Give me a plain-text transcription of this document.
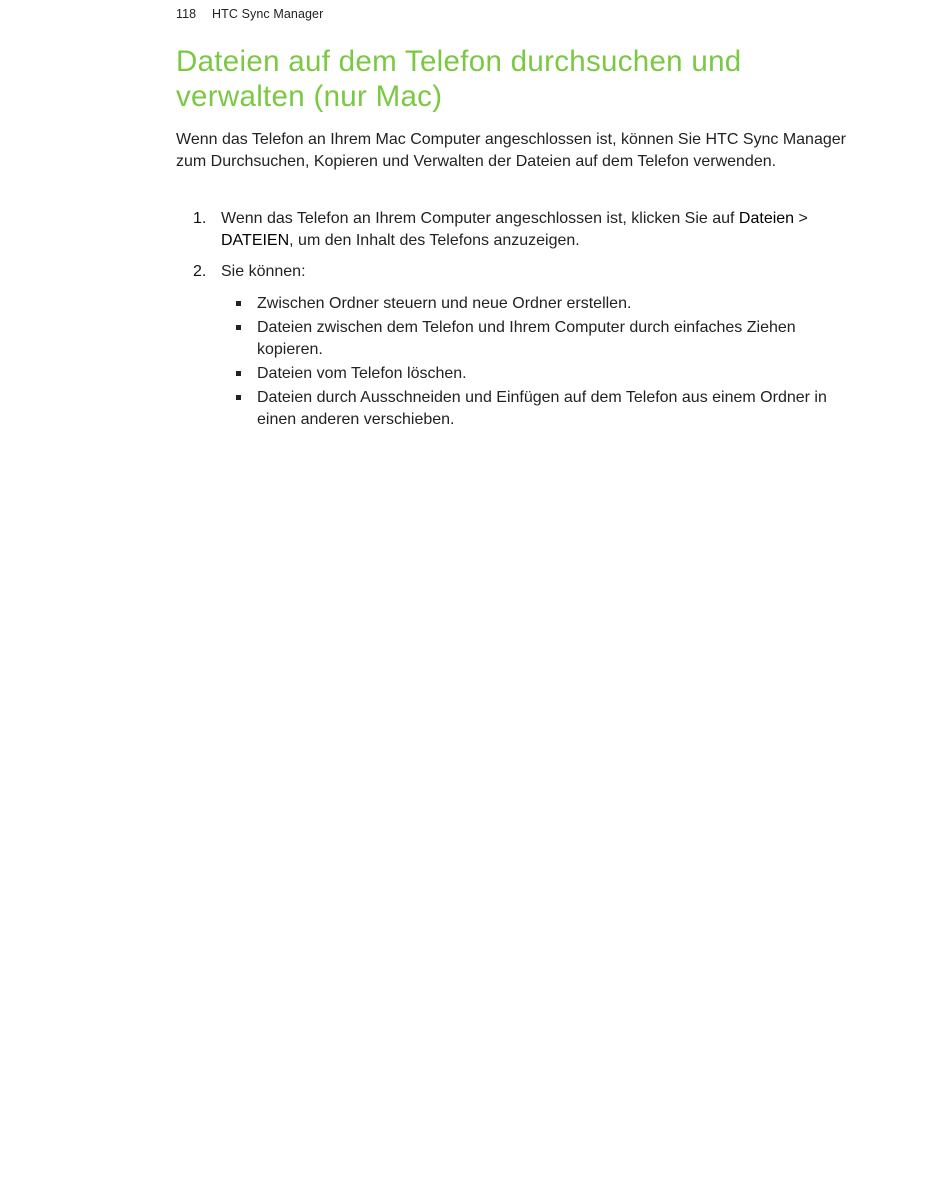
118 HTC Sync Manager
Dateien auf dem Telefon durchsuchen und verwalten (nur Mac)

Wenn das Telefon an Ihrem Mac Computer angeschlossen ist, können Sie HTC Sync Manager zum Durchsuchen, Kopieren und Verwalten der Dateien auf dem Telefon verwenden.

1. Wenn das Telefon an Ihrem Computer angeschlossen ist, klicken Sie auf Dateien > DATEIEN, um den Inhalt des Telefons anzuzeigen.
2. Sie können:
Zwischen Ordner steuern und neue Ordner erstellen.
Dateien zwischen dem Telefon und Ihrem Computer durch einfaches Ziehen kopieren.
Dateien vom Telefon löschen.
Dateien durch Ausschneiden und Einfügen auf dem Telefon aus einem Ordner in einen anderen verschieben.
